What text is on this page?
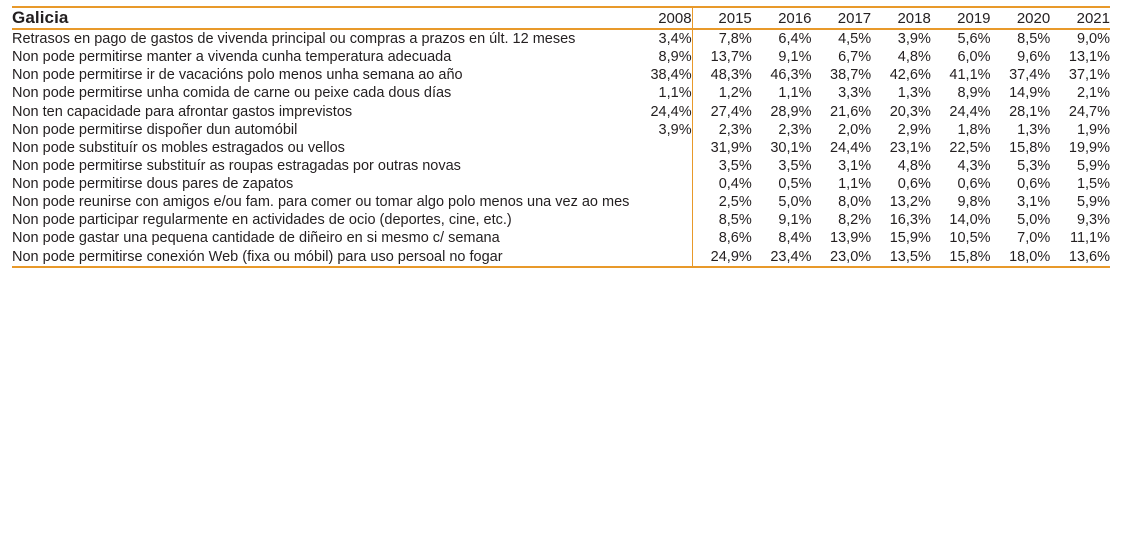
Galicia	2008	2015	2016	2017	2018	2019	2020	2021
Retrasos en pago de gastos de vivenda principal ou compras a prazos en últ. 12 meses	3,4%	7,8%	6,4%	4,5%	3,9%	5,6%	8,5%	9,0%
Non pode permitirse manter a vivenda cunha temperatura adecuada	8,9%	13,7%	9,1%	6,7%	4,8%	6,0%	9,6%	13,1%
Non pode permitirse ir de vacacións polo menos unha semana ao año	38,4%	48,3%	46,3%	38,7%	42,6%	41,1%	37,4%	37,1%
Non pode permitirse unha comida de carne ou peixe cada dous días	1,1%	1,2%	1,1%	3,3%	1,3%	8,9%	14,9%	2,1%
Non ten capacidade para afrontar gastos imprevistos	24,4%	27,4%	28,9%	21,6%	20,3%	24,4%	28,1%	24,7%
Non pode permitirse dispoñer dun automóbil	3,9%	2,3%	2,3%	2,0%	2,9%	1,8%	1,3%	1,9%
Non pode substituír os mobles estragados ou vellos		31,9%	30,1%	24,4%	23,1%	22,5%	15,8%	19,9%
Non pode permitirse substituír as roupas estragadas por outras novas		3,5%	3,5%	3,1%	4,8%	4,3%	5,3%	5,9%
Non pode permitirse dous pares de zapatos		0,4%	0,5%	1,1%	0,6%	0,6%	0,6%	1,5%
Non pode reunirse con amigos e/ou fam. para comer ou tomar algo polo menos una vez ao mes		2,5%	5,0%	8,0%	13,2%	9,8%	3,1%	5,9%
Non pode participar regularmente en actividades de ocio (deportes, cine, etc.)		8,5%	9,1%	8,2%	16,3%	14,0%	5,0%	9,3%
Non pode gastar una pequena cantidade de diñeiro en si mesmo c/ semana		8,6%	8,4%	13,9%	15,9%	10,5%	7,0%	11,1%
Non pode permitirse conexión Web (fixa ou móbil) para uso persoal no fogar		24,9%	23,4%	23,0%	13,5%	15,8%	18,0%	13,6%
